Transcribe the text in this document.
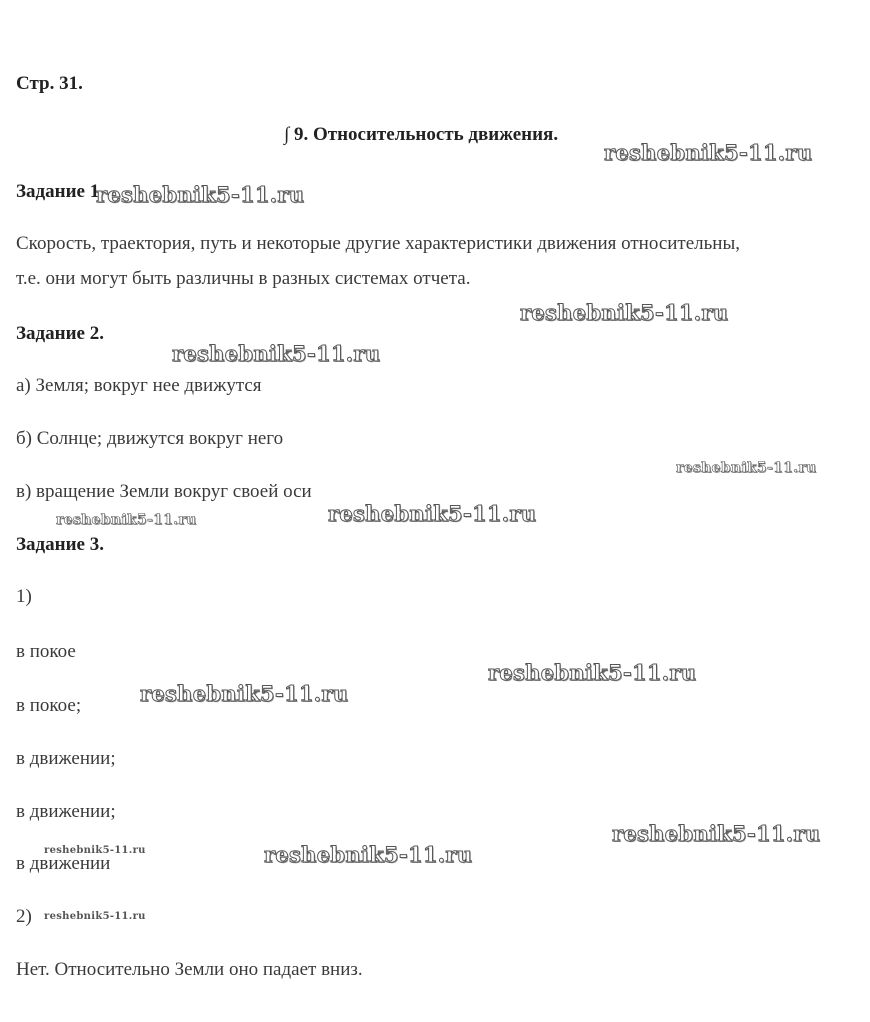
Стр. 31.
∫ 9. Относительность движения.
Задание 1.
Скорость, траектория, путь и некоторые другие характеристики движения относительны,
т.е. они могут быть различны в разных системах отчета.
Задание 2.
а) Земля; вокруг нее движутся
б) Солнце; движутся вокруг него
в) вращение Земли вокруг своей оси
Задание 3.
1)
в покое
в покое;
в движении;
в движении;
в движении
2)
Нет. Относительно Земли оно падает вниз.
reshebnik5-11.ru
reshebnik5-11.ru
reshebnik5-11.ru
reshebnik5-11.ru
reshebnik5-11.ru
reshebnik5-11.ru
reshebnik5-11.ru
reshebnik5-11.ru
reshebnik5-11.ru
reshebnik5-11.ru
reshebnik5-11.ru	reshebnik5-11.ru
reshebnik5-11.ru
